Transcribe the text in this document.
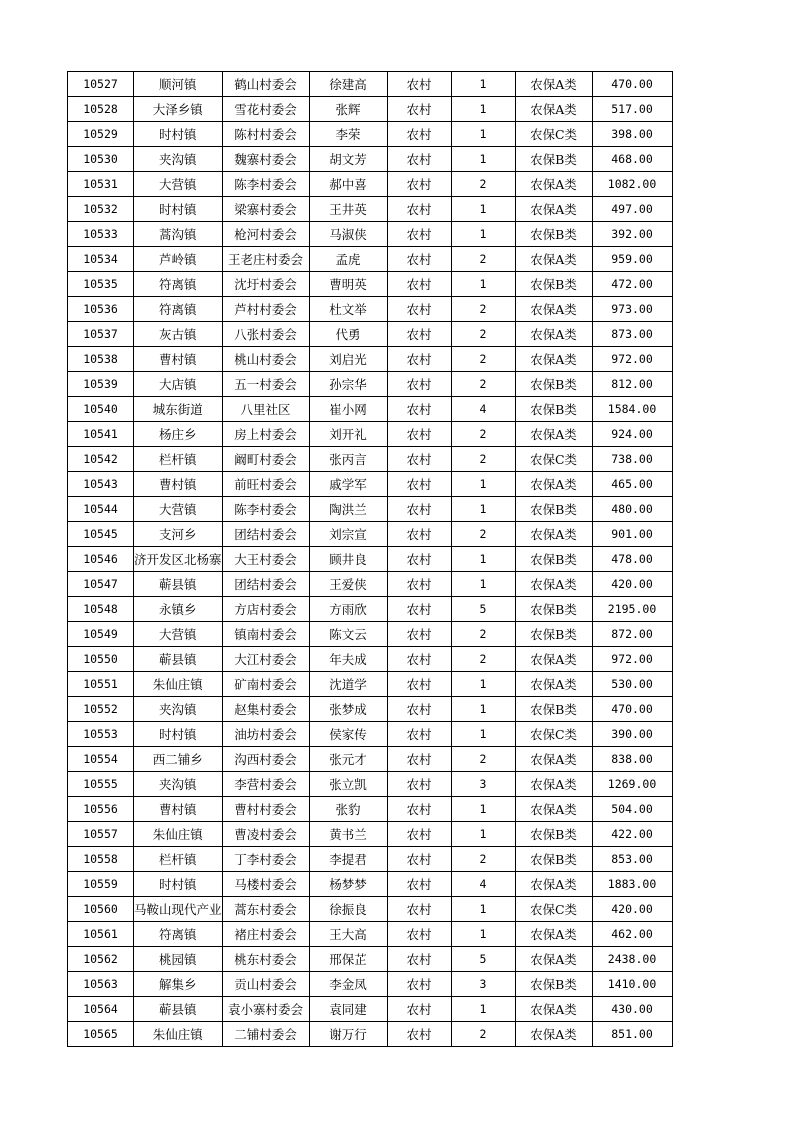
10527	顺河镇	鹤山村委会	徐建高	农村	1	农保A类	470.00
10528	大泽乡镇	雪花村委会	张辉	农村	1	农保A类	517.00
10529	时村镇	陈村村委会	李荣	农村	1	农保C类	398.00
10530	夹沟镇	魏寨村委会	胡文芳	农村	1	农保B类	468.00
10531	大营镇	陈李村委会	郝中喜	农村	2	农保A类	1082.00
10532	时村镇	梁寨村委会	王井英	农村	1	农保A类	497.00
10533	蒿沟镇	枪河村委会	马淑侠	农村	1	农保B类	392.00
10534	芦岭镇	王老庄村委会	孟虎	农村	2	农保A类	959.00
10535	符离镇	沈圩村委会	曹明英	农村	1	农保B类	472.00
10536	符离镇	芦村村委会	杜文举	农村	2	农保A类	973.00
10537	灰古镇	八张村委会	代勇	农村	2	农保A类	873.00
10538	曹村镇	桃山村委会	刘启光	农村	2	农保A类	972.00
10539	大店镇	五一村委会	孙宗华	农村	2	农保B类	812.00
10540	城东街道	八里社区	崔小网	农村	4	农保B类	1584.00
10541	杨庄乡	房上村委会	刘开礼	农村	2	农保A类	924.00
10542	栏杆镇	阚町村委会	张丙言	农村	2	农保C类	738.00
10543	曹村镇	前旺村委会	戚学军	农村	1	农保A类	465.00
10544	大营镇	陈李村委会	陶洪兰	农村	1	农保B类	480.00
10545	支河乡	团结村委会	刘宗宣	农村	2	农保A类	901.00
10546	济开发区北杨寨	大王村委会	顾井良	农村	1	农保B类	478.00
10547	蕲县镇	团结村委会	王爱侠	农村	1	农保A类	420.00
10548	永镇乡	方店村委会	方雨欣	农村	5	农保B类	2195.00
10549	大营镇	镇南村委会	陈文云	农村	2	农保B类	872.00
10550	蕲县镇	大江村委会	年夫成	农村	2	农保A类	972.00
10551	朱仙庄镇	矿南村委会	沈道学	农村	1	农保A类	530.00
10552	夹沟镇	赵集村委会	张梦成	农村	1	农保B类	470.00
10553	时村镇	油坊村委会	侯家传	农村	1	农保C类	390.00
10554	西二铺乡	沟西村委会	张元才	农村	2	农保A类	838.00
10555	夹沟镇	李营村委会	张立凯	农村	3	农保A类	1269.00
10556	曹村镇	曹村村委会	张豹	农村	1	农保A类	504.00
10557	朱仙庄镇	曹凌村委会	黄书兰	农村	1	农保B类	422.00
10558	栏杆镇	丁李村委会	李提君	农村	2	农保B类	853.00
10559	时村镇	马楼村委会	杨梦梦	农村	4	农保A类	1883.00
10560	马鞍山现代产业	蒿东村委会	徐振良	农村	1	农保C类	420.00
10561	符离镇	褚庄村委会	王大高	农村	1	农保A类	462.00
10562	桃园镇	桃东村委会	邢保芷	农村	5	农保A类	2438.00
10563	解集乡	贡山村委会	李金凤	农村	3	农保B类	1410.00
10564	蕲县镇	袁小寨村委会	袁同建	农村	1	农保A类	430.00
10565	朱仙庄镇	二铺村委会	谢万行	农村	2	农保A类	851.00
